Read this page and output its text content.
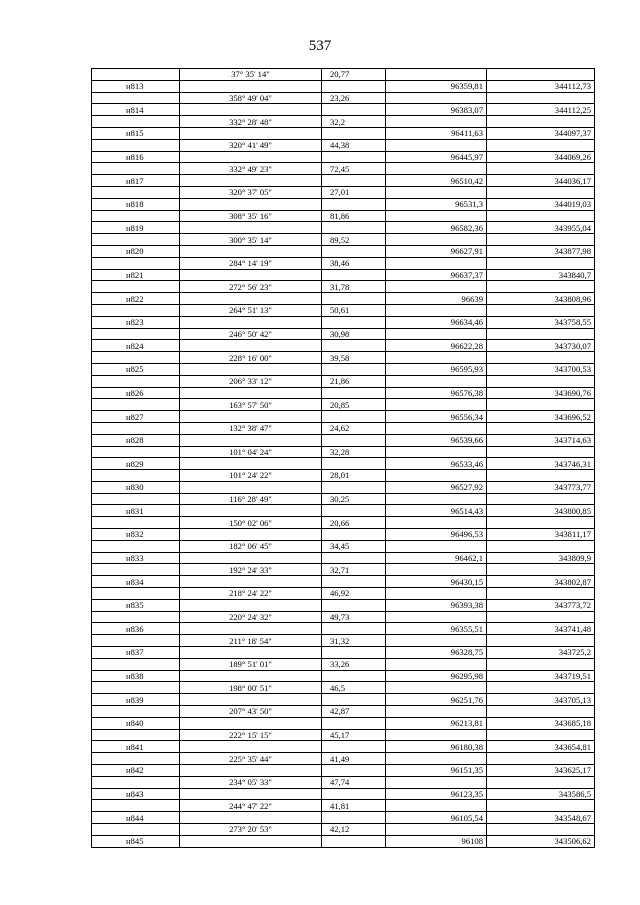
537
	37° 35' 14"	20,77		
н813			96359,81	344112,73
	358° 49' 04"	23,26		
н814			96383,07	344112,25
	332° 28' 48"	32,2		
н815			96411,63	344097,37
	320° 41' 49"	44,38		
н816			96445,97	344069,26
	332° 49' 23"	72,45		
н817			96510,42	344036,17
	320° 37' 05"	27,01		
н818			96531,3	344019,03
	308° 35' 16"	81,86		
н819			96582,36	343955,04
	300° 35' 14"	89,52		
н820			96627,91	343877,98
	284° 14' 19"	38,46		
н821			96637,37	343840,7
	272° 56' 23"	31,78		
н822			96639	343808,96
	264° 51' 13"	50,61		
н823			96634,46	343758,55
	246° 50' 42"	30,98		
н824			96622,28	343730,07
	228° 16' 00"	39,58		
н825			96595,93	343700,53
	206° 33' 12"	21,86		
н826			96576,38	343690,76
	163° 57' 50"	20,85		
н827			96556,34	343696,52
	132° 38' 47"	24,62		
н828			96539,66	343714,63
	101° 04' 24"	32,28		
н829			96533,46	343746,31
	101° 24' 22"	28,01		
н830			96527,92	343773,77
	116° 28' 49"	30,25		
н831			96514,43	343800,85
	150° 02' 06"	20,66		
н832			96496,53	343811,17
	182° 06' 45"	34,45		
н833			96462,1	343809,9
	192° 24' 33"	32,71		
н834			96430,15	343802,87
	218° 24' 22"	46,92		
н835			96393,38	343773,72
	220° 24' 32"	49,73		
н836			96355,51	343741,48
	211° 18' 54"	31,32		
н837			96328,75	343725,2
	189° 51' 01"	33,26		
н838			96295,98	343719,51
	198° 00' 51"	46,5		
н839			96251,76	343705,13
	207° 43' 50"	42,87		
н840			96213,81	343685,18
	222° 15' 15"	45,17		
н841			96180,38	343654,81
	225° 35' 44"	41,49		
н842			96151,35	343625,17
	234° 05' 33"	47,74		
н843			96123,35	343586,5
	244° 47' 22"	41,81		
н844			96105,54	343548,67
	273° 20' 53"	42,12		
н845			96108	343506,62
